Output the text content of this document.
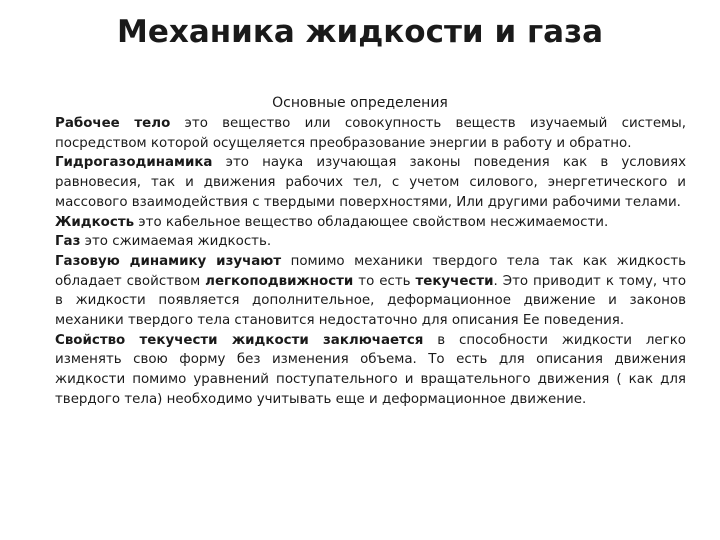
Механика жидкости и газа
Основные определения

Рабочее тело это вещество или совокупность веществ изучаемый системы, посредством которой осущеляется преобразование энергии в работу и обратно.

Гидрогазодинамика это наука изучающая законы поведения как в условиях равновесия, так и движения рабочих тел, с учетом силового, энергетического и массового взаимодействия с твердыми поверхностями, Или другими рабочими телами.

Жидкость это кабельное вещество обладающее свойством несжимаемости.

Газ это сжимаемая жидкость.

Газовую динамику изучают помимо механики твердого тела так как жидкость обладает свойством легкоподвижности то есть текучести. Это приводит к тому, что в жидкости появляется дополнительное, деформационное движение и законов механики твердого тела становится недостаточно для описания Ее поведения.

Свойство текучести жидкости заключается в способности жидкости легко изменять свою форму без изменения объема. То есть для описания движения жидкости помимо уравнений поступательного и вращательного движения ( как для твердого тела) необходимо учитывать еще и деформационное движение.
